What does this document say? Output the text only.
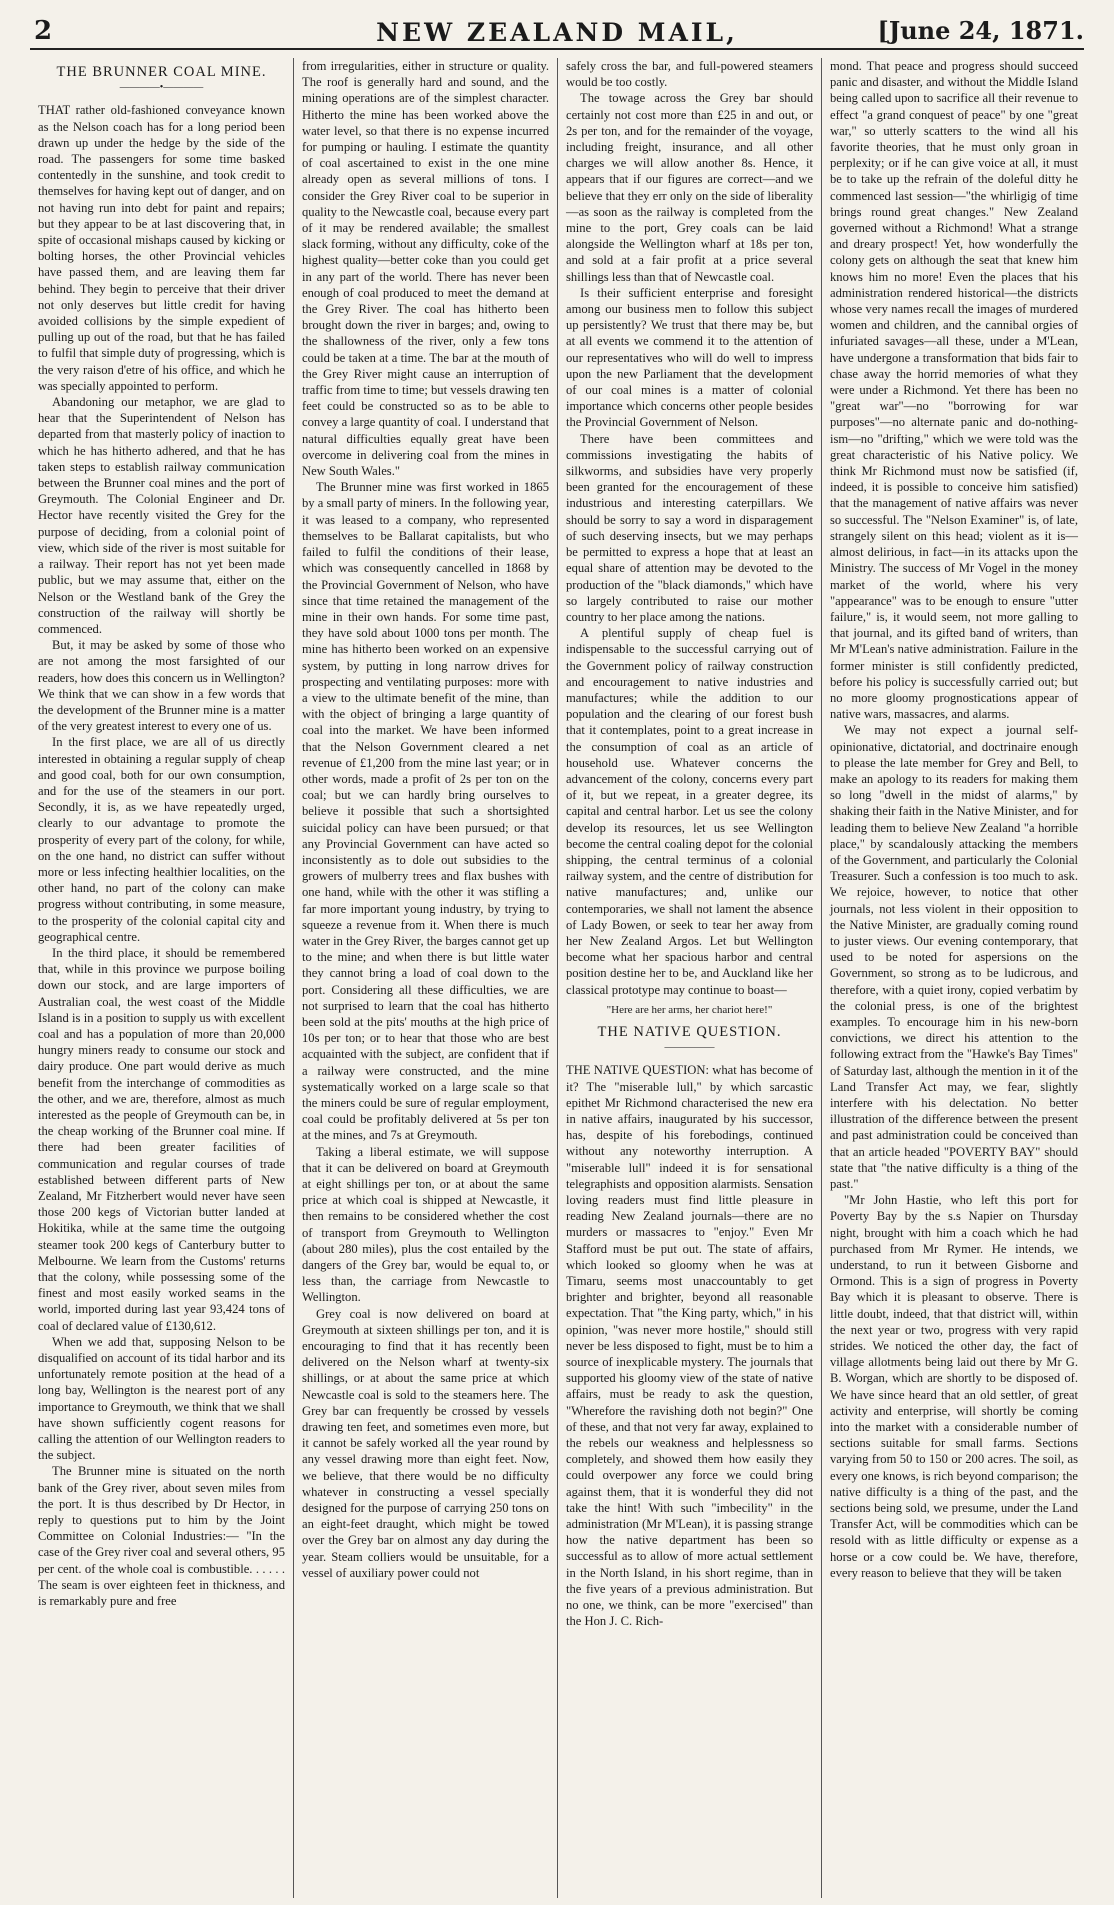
2	NEW ZEALAND MAIL,	[June 24, 1871.
THE BRUNNER COAL MINE.
————•————

THAT rather old-fashioned conveyance known as the Nelson coach has for a long period been drawn up under the hedge by the side of the road. The passengers for some time basked contentedly in the sunshine, and took credit to themselves for having kept out of danger, and on not having run into debt for paint and repairs; but they appear to be at last discovering that, in spite of occasional mishaps caused by kicking or bolting horses, the other Provincial vehicles have passed them, and are leaving them far behind. They begin to perceive that their driver not only deserves but little credit for having avoided collisions by the simple expedient of pulling up out of the road, but that he has failed to fulfil that simple duty of progressing, which is the very raison d'etre of his office, and which he was specially appointed to perform.

Abandoning our metaphor, we are glad to hear that the Superintendent of Nelson has departed from that masterly policy of inaction to which he has hitherto adhered, and that he has taken steps to establish railway communication between the Brunner coal mines and the port of Greymouth. The Colonial Engineer and Dr. Hector have recently visited the Grey for the purpose of deciding, from a colonial point of view, which side of the river is most suitable for a railway. Their report has not yet been made public, but we may assume that, either on the Nelson or the Westland bank of the Grey the construction of the railway will shortly be commenced.

But, it may be asked by some of those who are not among the most farsighted of our readers, how does this concern us in Wellington? We think that we can show in a few words that the development of the Brunner mine is a matter of the very greatest interest to every one of us.

In the first place, we are all of us directly interested in obtaining a regular supply of cheap and good coal, both for our own consumption, and for the use of the steamers in our port. Secondly, it is, as we have repeatedly urged, clearly to our advantage to promote the prosperity of every part of the colony, for while, on the one hand, no district can suffer without more or less infecting healthier localities, on the other hand, no part of the colony can make progress without contributing, in some measure, to the prosperity of the colonial capital city and geographical centre.

In the third place, it should be remembered that, while in this province we purpose boiling down our stock, and are large importers of Australian coal, the west coast of the Middle Island is in a position to supply us with excellent coal and has a population of more than 20,000 hungry miners ready to consume our stock and dairy produce. One part would derive as much benefit from the interchange of commodities as the other, and we are, therefore, almost as much interested as the people of Greymouth can be, in the cheap working of the Brunner coal mine. If there had been greater facilities of communication and regular courses of trade established between different parts of New Zealand, Mr Fitzherbert would never have seen those 200 kegs of Victorian butter landed at Hokitika, while at the same time the outgoing steamer took 200 kegs of Canterbury butter to Melbourne. We learn from the Customs' returns that the colony, while possessing some of the finest and most easily worked seams in the world, imported during last year 93,424 tons of coal of declared value of £130,612.

When we add that, supposing Nelson to be disqualified on account of its tidal harbor and its unfortunately remote position at the head of a long bay, Wellington is the nearest port of any importance to Greymouth, we think that we shall have shown sufficiently cogent reasons for calling the attention of our Wellington readers to the subject.

The Brunner mine is situated on the north bank of the Grey river, about seven miles from the port. It is thus described by Dr Hector, in reply to questions put to him by the Joint Committee on Colonial Industries:— "In the case of the Grey river coal and several others, 95 per cent. of the whole coal is combustible. . . . . . The seam is over eighteen feet in thickness, and is remarkably pure and free

from irregularities, either in structure or quality. The roof is generally hard and sound, and the mining operations are of the simplest character. Hitherto the mine has been worked above the water level, so that there is no expense incurred for pumping or hauling. I estimate the quantity of coal ascertained to exist in the one mine already open as several millions of tons. I consider the Grey River coal to be superior in quality to the Newcastle coal, because every part of it may be rendered available; the smallest slack forming, without any difficulty, coke of the highest quality—better coke than you could get in any part of the world. There has never been enough of coal produced to meet the demand at the Grey River. The coal has hitherto been brought down the river in barges; and, owing to the shallowness of the river, only a few tons could be taken at a time. The bar at the mouth of the Grey River might cause an interruption of traffic from time to time; but vessels drawing ten feet could be constructed so as to be able to convey a large quantity of coal. I understand that natural difficulties equally great have been overcome in delivering coal from the mines in New South Wales."

The Brunner mine was first worked in 1865 by a small party of miners. In the following year, it was leased to a company, who represented themselves to be Ballarat capitalists, but who failed to fulfil the conditions of their lease, which was consequently cancelled in 1868 by the Provincial Government of Nelson, who have since that time retained the management of the mine in their own hands. For some time past, they have sold about 1000 tons per month. The mine has hitherto been worked on an expensive system, by putting in long narrow drives for prospecting and ventilating purposes: more with a view to the ultimate benefit of the mine, than with the object of bringing a large quantity of coal into the market. We have been informed that the Nelson Government cleared a net revenue of £1,200 from the mine last year; or in other words, made a profit of 2s per ton on the coal; but we can hardly bring ourselves to believe it possible that such a shortsighted suicidal policy can have been pursued; or that any Provincial Government can have acted so inconsistently as to dole out subsidies to the growers of mulberry trees and flax bushes with one hand, while with the other it was stifling a far more important young industry, by trying to squeeze a revenue from it. When there is much water in the Grey River, the barges cannot get up to the mine; and when there is but little water they cannot bring a load of coal down to the port. Considering all these difficulties, we are not surprised to learn that the coal has hitherto been sold at the pits' mouths at the high price of 10s per ton; or to hear that those who are best acquainted with the subject, are confident that if a railway were constructed, and the mine systematically worked on a large scale so that the miners could be sure of regular employment, coal could be profitably delivered at 5s per ton at the mines, and 7s at Greymouth.

Taking a liberal estimate, we will suppose that it can be delivered on board at Greymouth at eight shillings per ton, or at about the same price at which coal is shipped at Newcastle, it then remains to be considered whether the cost of transport from Greymouth to Wellington (about 280 miles), plus the cost entailed by the dangers of the Grey bar, would be equal to, or less than, the carriage from Newcastle to Wellington.

Grey coal is now delivered on board at Greymouth at sixteen shillings per ton, and it is encouraging to find that it has recently been delivered on the Nelson wharf at twenty-six shillings, or at about the same price at which Newcastle coal is sold to the steamers here. The Grey bar can frequently be crossed by vessels drawing ten feet, and sometimes even more, but it cannot be safely worked all the year round by any vessel drawing more than eight feet. Now, we believe, that there would be no difficulty whatever in constructing a vessel specially designed for the purpose of carrying 250 tons on an eight-feet draught, which might be towed over the Grey bar on almost any day during the year. Steam colliers would be unsuitable, for a vessel of auxiliary power could not

safely cross the bar, and full-powered steamers would be too costly.

The towage across the Grey bar should certainly not cost more than £25 in and out, or 2s per ton, and for the remainder of the voyage, including freight, insurance, and all other charges we will allow another 8s. Hence, it appears that if our figures are correct—and we believe that they err only on the side of liberality—as soon as the railway is completed from the mine to the port, Grey coals can be laid alongside the Wellington wharf at 18s per ton, and sold at a fair profit at a price several shillings less than that of Newcastle coal.

Is their sufficient enterprise and foresight among our business men to follow this subject up persistently? We trust that there may be, but at all events we commend it to the attention of our representatives who will do well to impress upon the new Parliament that the development of our coal mines is a matter of colonial importance which concerns other people besides the Provincial Government of Nelson.

There have been committees and commissions investigating the habits of silkworms, and subsidies have very properly been granted for the encouragement of these industrious and interesting caterpillars. We should be sorry to say a word in disparagement of such deserving insects, but we may perhaps be permitted to express a hope that at least an equal share of attention may be devoted to the production of the "black diamonds," which have so largely contributed to raise our mother country to her place among the nations.

A plentiful supply of cheap fuel is indispensable to the successful carrying out of the Government policy of railway construction and encouragement to native industries and manufactures; while the addition to our population and the clearing of our forest bush that it contemplates, point to a great increase in the consumption of coal as an article of household use. Whatever concerns the advancement of the colony, concerns every part of it, but we repeat, in a greater degree, its capital and central harbor. Let us see the colony develop its resources, let us see Wellington become the central coaling depot for the colonial shipping, the central terminus of a colonial railway system, and the centre of distribution for native manufactures; and, unlike our contemporaries, we shall not lament the absence of Lady Bowen, or seek to tear her away from her New Zealand Argos. Let but Wellington become what her spacious harbor and central position destine her to be, and Auckland like her classical prototype may continue to boast—

"Here are her arms, her chariot here!"
THE NATIVE QUESTION.
—————

THE NATIVE QUESTION: what has become of it? The "miserable lull," by which sarcastic epithet Mr Richmond characterised the new era in native affairs, inaugurated by his successor, has, despite of his forebodings, continued without any noteworthy interruption. A "miserable lull" indeed it is for sensational telegraphists and opposition alarmists. Sensation loving readers must find little pleasure in reading New Zealand journals—there are no murders or massacres to "enjoy." Even Mr Stafford must be put out. The state of affairs, which looked so gloomy when he was at Timaru, seems most unaccountably to get brighter and brighter, beyond all reasonable expectation. That "the King party, which," in his opinion, "was never more hostile," should still never be less disposed to fight, must be to him a source of inexplicable mystery. The journals that supported his gloomy view of the state of native affairs, must be ready to ask the question, "Wherefore the ravishing doth not begin?" One of these, and that not very far away, explained to the rebels our weakness and helplessness so completely, and showed them how easily they could overpower any force we could bring against them, that it is wonderful they did not take the hint! With such "imbecility" in the administration (Mr M'Lean), it is passing strange how the native department has been so successful as to allow of more actual settlement in the North Island, in his short regime, than in the five years of a previous administration. But no one, we think, can be more "exercised" than the Hon J. C. Rich-

mond. That peace and progress should succeed panic and disaster, and without the Middle Island being called upon to sacrifice all their revenue to effect "a grand conquest of peace" by one "great war," so utterly scatters to the wind all his favorite theories, that he must only groan in perplexity; or if he can give voice at all, it must be to take up the refrain of the doleful ditty he commenced last session—"the whirligig of time brings round great changes." New Zealand governed without a Richmond! What a strange and dreary prospect! Yet, how wonderfully the colony gets on although the seat that knew him knows him no more! Even the places that his administration rendered historical—the districts whose very names recall the images of murdered women and children, and the cannibal orgies of infuriated savages—all these, under a M'Lean, have undergone a transformation that bids fair to chase away the horrid memories of what they were under a Richmond. Yet there has been no "great war"—no "borrowing for war purposes"—no alternate panic and do-nothing-ism—no "drifting," which we were told was the great characteristic of his Native policy. We think Mr Richmond must now be satisfied (if, indeed, it is possible to conceive him satisfied) that the management of native affairs was never so successful. The "Nelson Examiner" is, of late, strangely silent on this head; violent as it is—almost delirious, in fact—in its attacks upon the Ministry. The success of Mr Vogel in the money market of the world, where his very "appearance" was to be enough to ensure "utter failure," is, it would seem, not more galling to that journal, and its gifted band of writers, than Mr M'Lean's native administration. Failure in the former minister is still confidently predicted, before his policy is successfully carried out; but no more gloomy prognostications appear of native wars, massacres, and alarms.

We may not expect a journal self-opinionative, dictatorial, and doctrinaire enough to please the late member for Grey and Bell, to make an apology to its readers for making them so long "dwell in the midst of alarms," by shaking their faith in the Native Minister, and for leading them to believe New Zealand "a horrible place," by scandalously attacking the members of the Government, and particularly the Colonial Treasurer. Such a confession is too much to ask. We rejoice, however, to notice that other journals, not less violent in their opposition to the Native Minister, are gradually coming round to juster views. Our evening contemporary, that used to be noted for aspersions on the Government, so strong as to be ludicrous, and therefore, with a quiet irony, copied verbatim by the colonial press, is one of the brightest examples. To encourage him in his new-born convictions, we direct his attention to the following extract from the "Hawke's Bay Times" of Saturday last, although the mention in it of the Land Transfer Act may, we fear, slightly interfere with his delectation. No better illustration of the difference between the present and past administration could be conceived than that an article headed "POVERTY BAY" should state that "the native difficulty is a thing of the past."

"Mr John Hastie, who left this port for Poverty Bay by the s.s Napier on Thursday night, brought with him a coach which he had purchased from Mr Rymer. He intends, we understand, to run it between Gisborne and Ormond. This is a sign of progress in Poverty Bay which it is pleasant to observe. There is little doubt, indeed, that that district will, within the next year or two, progress with very rapid strides. We noticed the other day, the fact of village allotments being laid out there by Mr G. B. Worgan, which are shortly to be disposed of. We have since heard that an old settler, of great activity and enterprise, will shortly be coming into the market with a considerable number of sections suitable for small farms. Sections varying from 50 to 150 or 200 acres. The soil, as every one knows, is rich beyond comparison; the native difficulty is a thing of the past, and the sections being sold, we presume, under the Land Transfer Act, will be commodities which can be resold with as little difficulty or expense as a horse or a cow could be. We have, therefore, every reason to believe that they will be taken
